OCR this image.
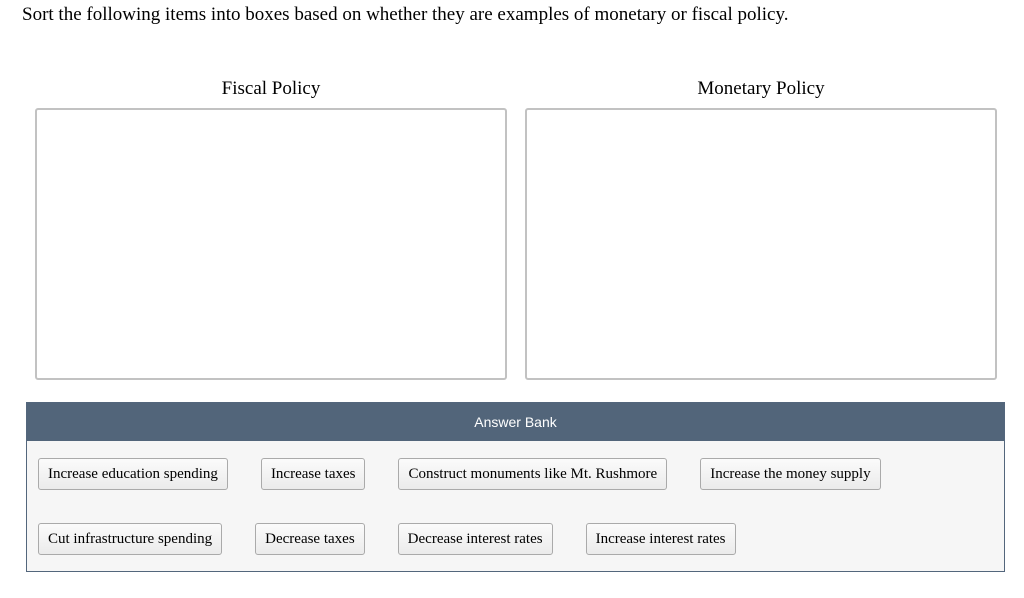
Sort the following items into boxes based on whether they are examples of monetary or fiscal policy.
Fiscal Policy	Monetary Policy
Answer Bank
Increase education spending	Increase taxes	Construct monuments like Mt. Rushmore	Increase the money supply
Cut infrastructure spending	Decrease taxes	Decrease interest rates	Increase interest rates
